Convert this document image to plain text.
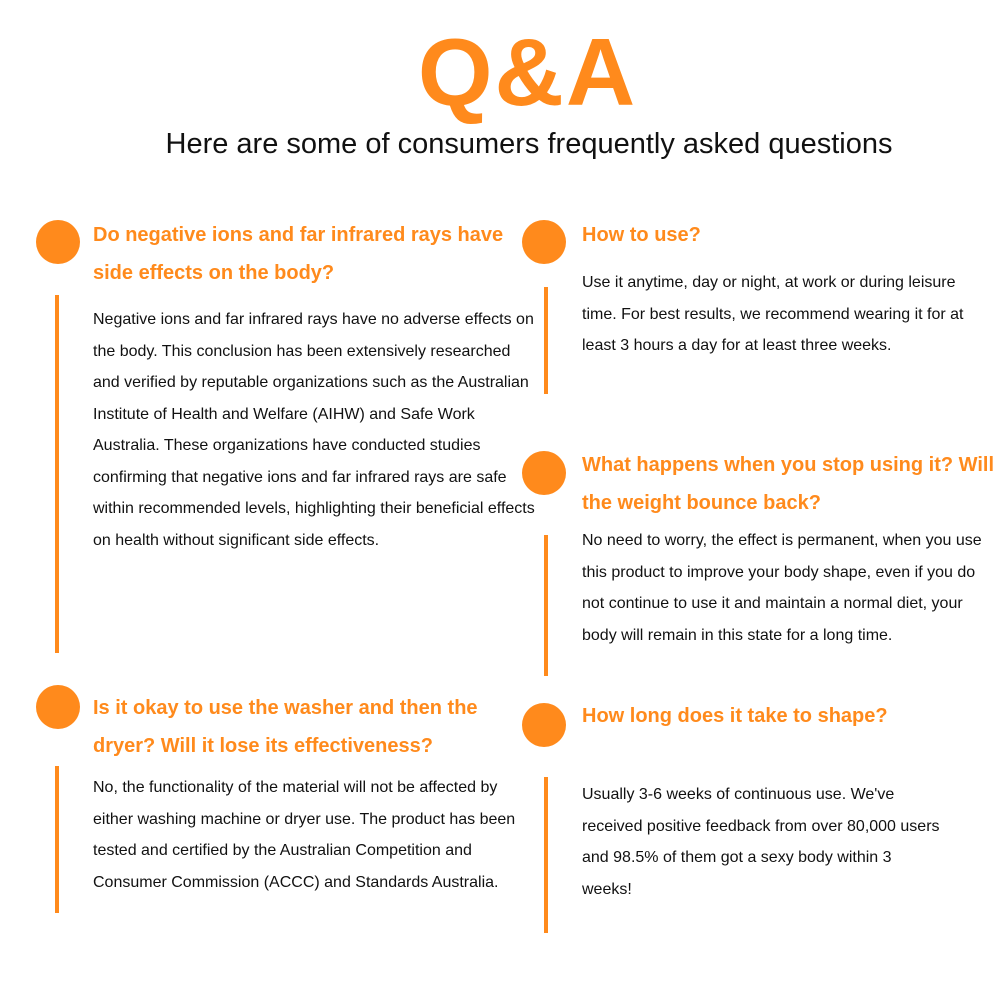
Q&A
Here are some of consumers frequently asked questions

Do negative ions and far infrared rays have side effects on the body?

Negative ions and far infrared rays have no adverse effects on the body. This conclusion has been extensively researched and verified by reputable organizations such as the Australian Institute of Health and Welfare (AIHW) and Safe Work Australia. These organizations have conducted studies confirming that negative ions and far infrared rays are safe within recommended levels, highlighting their beneficial effects on health without significant side effects.

How to use?

Use it anytime, day or night, at work or during leisure time. For best results, we recommend wearing it for at least 3 hours a day for at least three weeks.

What happens when you stop using it? Will the weight bounce back?

No need to worry, the effect is permanent, when you use this product to improve your body shape, even if you do not continue to use it and maintain a normal diet, your body will remain in this state for a long time.

Is it okay to use the washer and then the dryer? Will it lose its effectiveness?

No, the functionality of the material will not be affected by either washing machine or dryer use. The product has been tested and certified by the Australian Competition and Consumer Commission (ACCC) and Standards Australia.

How long does it take to shape?

Usually 3-6 weeks of continuous use. We've received positive feedback from over 80,000 users and 98.5% of them got a sexy body within 3 weeks!
